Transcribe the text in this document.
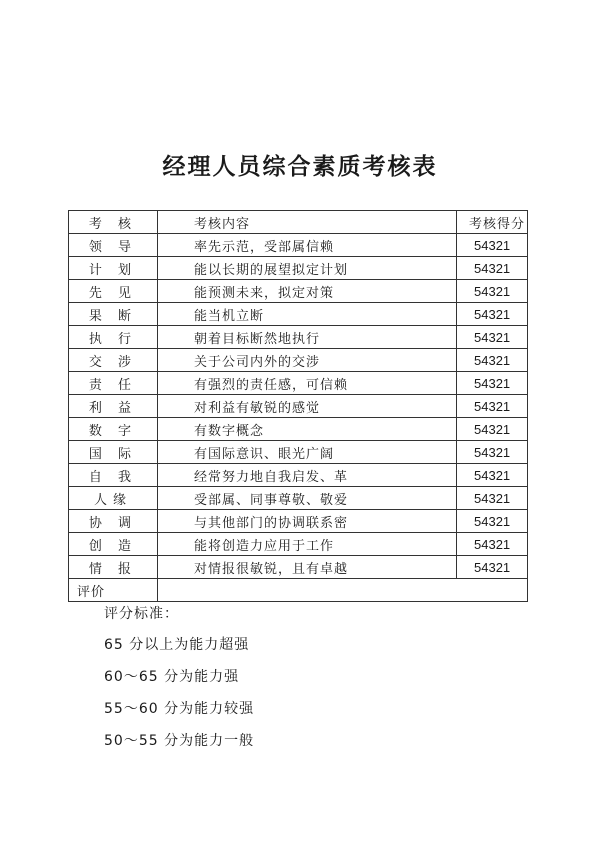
经理人员综合素质考核表
考 核	考核内容	考核得分
领 导	率先示范，受部属信赖	54321
计 划	能以长期的展望拟定计划	54321
先 见	能预测未来，拟定对策	54321
果 断	能当机立断	54321
执 行	朝着目标断然地执行	54321
交 涉	关于公司内外的交涉	54321
责 任	有强烈的责任感，可信赖	54321
利 益	对利益有敏锐的感觉	54321
数 字	有数字概念	54321
国 际	有国际意识、眼光广阔	54321
自 我	经常努力地自我启发、革	54321
人缘	受部属、同事尊敬、敬爱	54321
协 调	与其他部门的协调联系密	54321
创 造	能将创造力应用于工作	54321
情 报	对情报很敏锐，且有卓越	54321
评价		
评分标准：
65 分以上为能力超强
60～65 分为能力强
55～60 分为能力较强
50～55 分为能力一般
